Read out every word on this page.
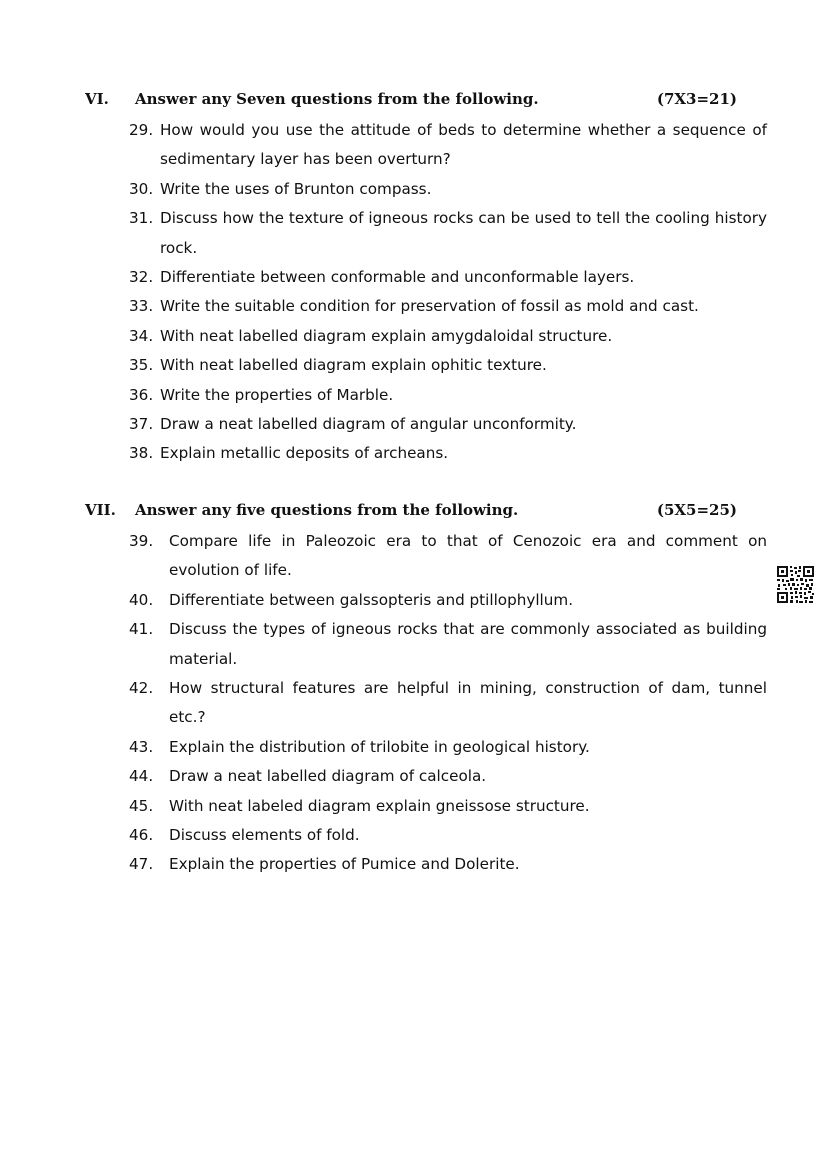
VI. Answer any Seven questions from the following.	(7X3=21)
29. How would you use the attitude of beds to determine whether a sequence of sedimentary layer has been overturn?
30. Write the uses of Brunton compass.
31. Discuss how the texture of igneous rocks can be used to tell the cooling history rock.
32. Differentiate between conformable and unconformable layers.
33. Write the suitable condition for preservation of fossil as mold and cast.
34. With neat labelled diagram explain amygdaloidal structure.
35. With neat labelled diagram explain ophitic texture.
36. Write the properties of Marble.
37. Draw a neat labelled diagram of angular unconformity.
38. Explain metallic deposits of archeans.
VII. Answer any five questions from the following.	(5X5=25)
39. Compare life in Paleozoic era to that of Cenozoic era and comment on evolution of life.
40. Differentiate between galssopteris and ptillophyllum.
41. Discuss the types of igneous rocks that are commonly associated as building material.
42. How structural features are helpful in mining, construction of dam, tunnel etc.?
43. Explain the distribution of trilobite in geological history.
44. Draw a neat labelled diagram of calceola.
45. With neat labeled diagram explain gneissose structure.
46. Discuss elements of fold.
47. Explain the properties of Pumice and Dolerite.
